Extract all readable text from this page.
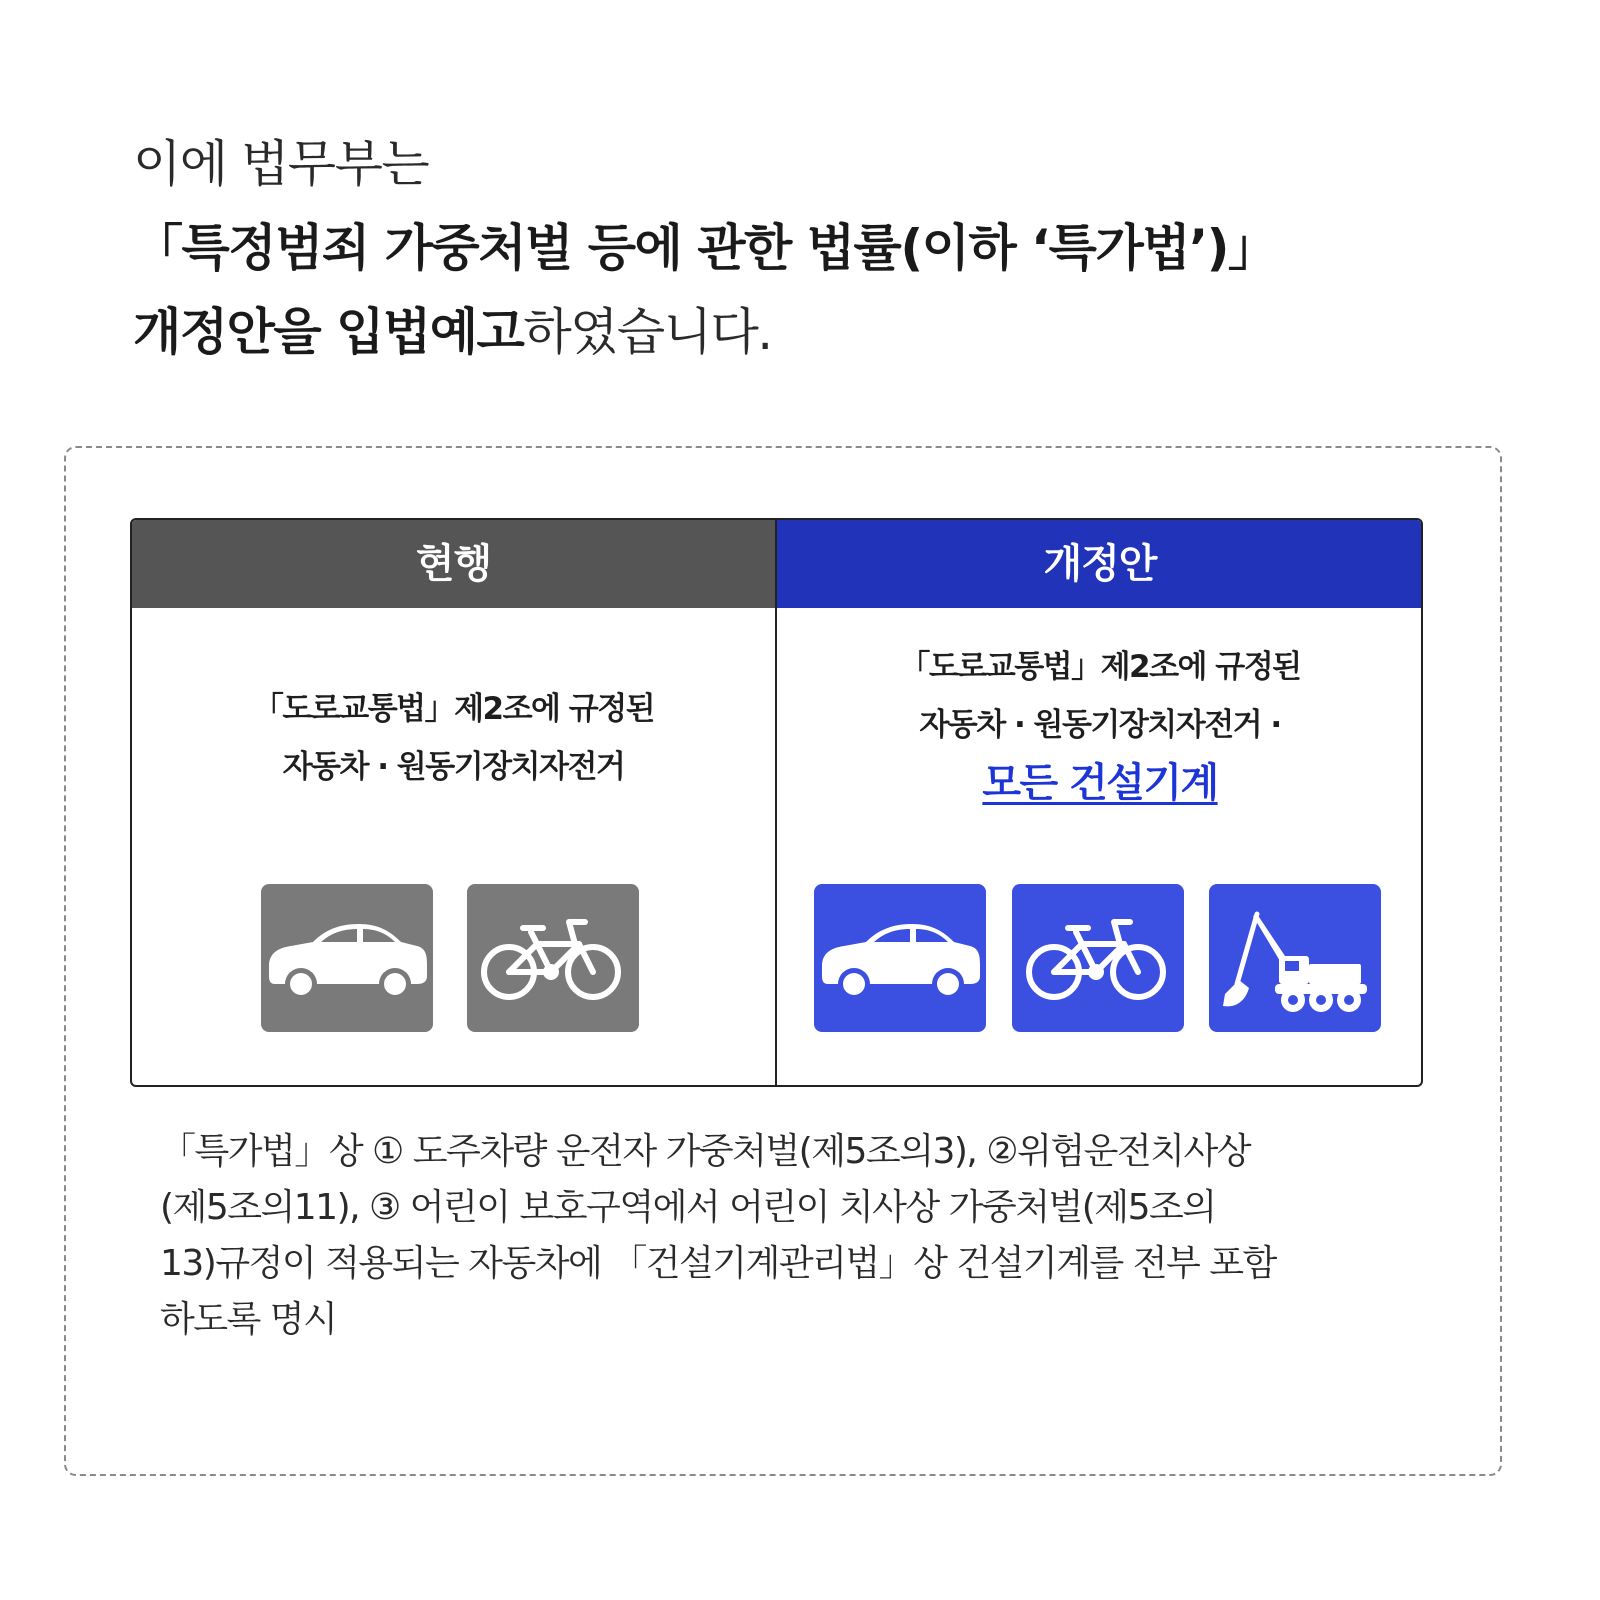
이에 법무부는
「특정범죄 가중처벌 등에 관한 법률(이하 ‘특가법’)」
개정안을 입법예고하였습니다.
현행
「도로교통법」제2조에 규정된
자동차 · 원동기장치자전거
개정안
「도로교통법」제2조에 규정된
자동차 · 원동기장치자전거 ·
모든 건설기계

「특가법」상 ① 도주차량 운전자 가중처벌(제5조의3), ②위험운전치사상

(제5조의11), ③ 어린이 보호구역에서 어린이 치사상 가중처벌(제5조의

13)규정이 적용되는 자동차에 「건설기계관리법」상 건설기계를 전부 포함

하도록 명시
